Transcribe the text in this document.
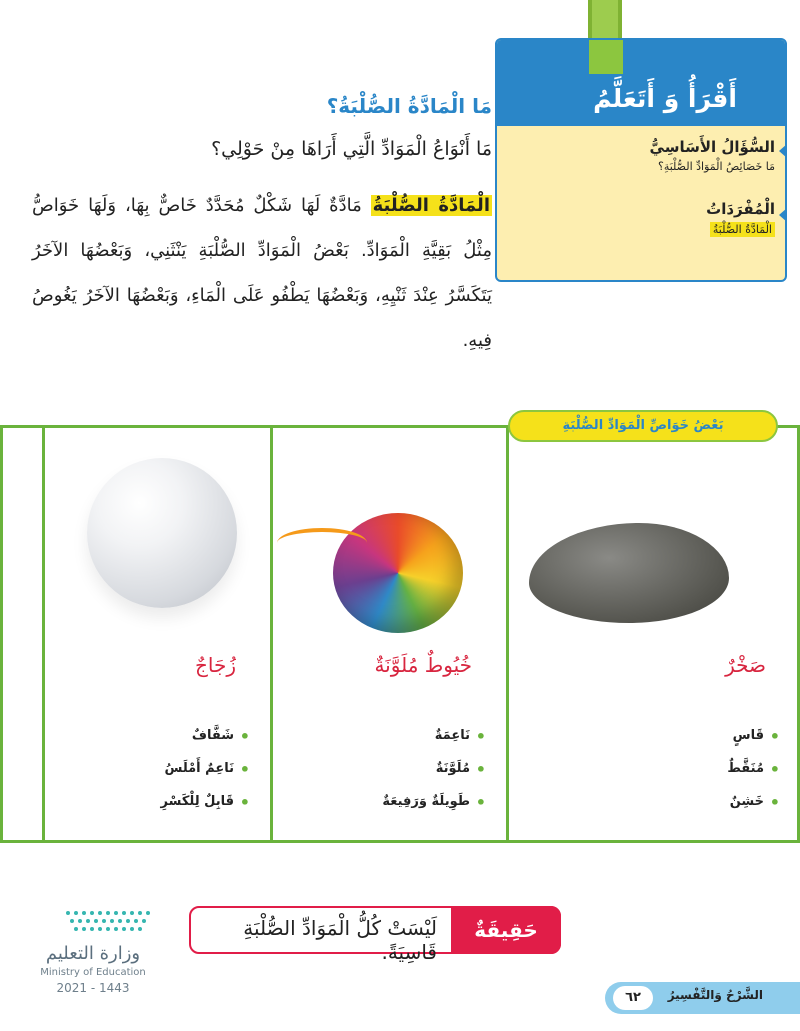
أَقْرَأُ وَ أَتَعَلَّمُ
السُّؤَالُ الأَسَاسِيُّ
مَا خَصَائِصُ الْمَوَادِّ الصُّلْبَةِ؟
الْمُفْرَدَاتُ
الْمَادَّةُ الصُّلْبَةُ
مَا الْمَادَّةُ الصُّلْبَةُ؟
مَا أَنْوَاعُ الْمَوَادِّ الَّتِي أَرَاهَا مِنْ حَوْلِي؟
الْمَادَّةُ الصُّلْبَةُ مَادَّةٌ لَهَا شَكْلٌ مُحَدَّدٌ خَاصٌّ بِهَا، وَلَهَا خَوَاصُّ مِثْلُ بَقِيَّةِ الْمَوَادِّ. بَعْضُ الْمَوَادِّ الصُّلْبَةِ يَنْثَنِي، وَبَعْضُهَا الآخَرُ يَتَكَسَّرُ عِنْدَ ثَنْيِهِ، وَبَعْضُهَا يَطْفُو عَلَى الْمَاءِ، وَبَعْضُهَا الآخَرُ يَغُوصُ فِيهِ.
صَخْرٌ
• قَاسٍ
• مُنَقَّطٌ
• خَشِنٌ
خُيُوطٌ مُلَوَّنَةٌ
• نَاعِمَةٌ
• مُلَوَّنَةٌ
• طَوِيلَةٌ وَرَفِيعَةٌ
زُجَاجٌ
• شَفَّافٌ
• نَاعِمٌ أَمْلَسُ
• قَابِلٌ لِلْكَسْرِ
بَعْضُ خَوَاصِّ الْمَوَادِّ الصُّلْبَةِ
حَقِيقَةٌ
لَيْسَتْ كُلُّ الْمَوَادِّ الصُّلْبَةِ قَاسِيَةً.
وزارة التعليم
Ministry of Education
2021 - 1443
٦٢	الشَّرْحُ وَالتَّفْسِيرُ
